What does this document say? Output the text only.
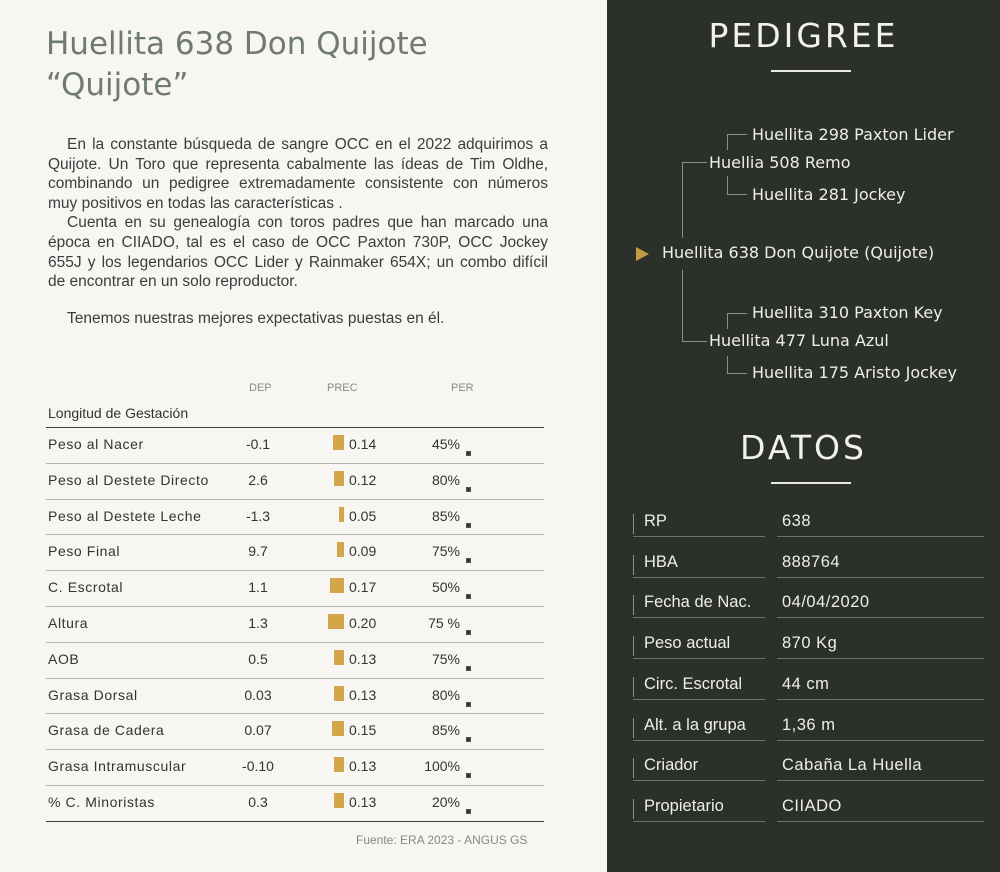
Huellita 638 Don Quijote
“Quijote”

En la constante búsqueda de sangre OCC en el 2022 adquirimos a Quijote. Un Toro que representa cabalmente las ídeas de Tim Oldhe, combinando un pedigree extremadamente consistente con números muy positivos en todas las características .

Cuenta en su genealogía con toros padres que han marcado una época en CIIADO, tal es el caso de OCC Paxton 730P, OCC Jockey 655J y los legendarios OCC Lider y Rainmaker 654X; un combo difícil de encontrar en un solo reproductor.

Tenemos nuestras mejores expectativas puestas en él.

DEP	PREC	PER
Longitud de Gestación
Peso al Nacer	-0.1	0.14	45%
Peso al Destete Directo	2.6	0.12	80%
Peso al Destete Leche	-1.3	0.05	85%
Peso Final	9.7	0.09	75%
C. Escrotal	1.1	0.17	50%
Altura	1.3	0.20	75 %
AOB	0.5	0.13	75%
Grasa Dorsal	0.03	0.13	80%
Grasa de Cadera	0.07	0.15	85%
Grasa Intramuscular	-0.10	0.13	100%
% C. Minoristas	0.3	0.13	20%
Fuente: ERA 2023 - ANGUS GS
PEDIGREE
Huellita 298 Paxton Lider
Huellia 508 Remo
Huellita 281 Jockey
Huellita 638 Don Quijote (Quijote)
Huellita 310 Paxton Key
Huellita 477 Luna Azul
Huellita 175 Aristo Jockey
DATOS
RP	638
HBA	888764
Fecha de Nac. 04/04/2020
Peso actual	870 Kg
Circ. Escrotal 44 cm
Alt. a la grupa 1,36 m
Criador	Cabaña La Huella
Propietario	CIIADO
